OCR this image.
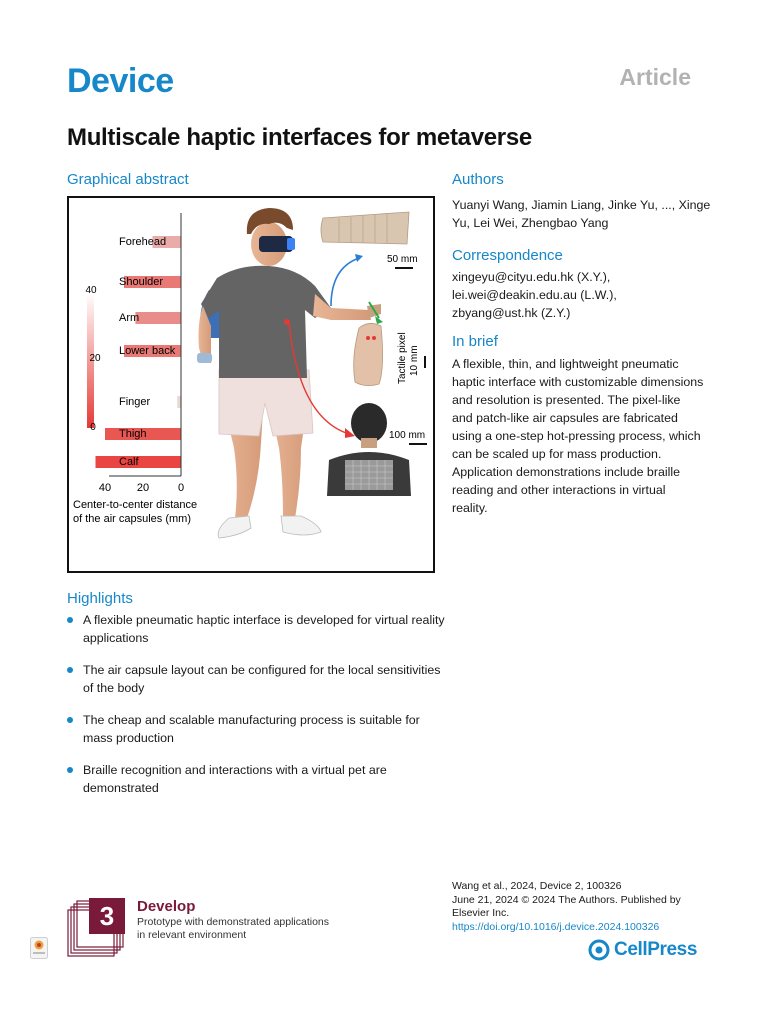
Device	Article
Multiscale haptic interfaces for metaverse
Graphical abstract
40
20
0
Forehead
Shoulder
Arm
Lower back
Finger
Thigh
Calf
40 20	0
Center-to-center distance
of the air capsules (mm)
50 mm
Tactile pixel 10 mm
100 mm
Authors
Yuanyi Wang, Jiamin Liang, Jinke Yu, ..., Xinge Yu, Lei Wei, Zhengbao Yang
Correspondence
xingeyu@cityu.edu.hk (X.Y.),
lei.wei@deakin.edu.au (L.W.),
zbyang@ust.hk (Z.Y.)
In brief
A flexible, thin, and lightweight pneumatic haptic interface with customizable dimensions and resolution is presented. The pixel-like and patch-like air capsules are fabricated using a one-step hot-pressing process, which can be scaled up for mass production. Application demonstrations include braille reading and other interactions in virtual reality.
Highlights
A flexible pneumatic haptic interface is developed for virtual reality applications
The air capsule layout can be configured for the local sensitivities of the body
The cheap and scalable manufacturing process is suitable for mass production
Braille recognition and interactions with a virtual pet are demonstrated
3 Develop
Prototype with demonstrated applications in relevant environment
Wang et al., 2024, Device 2, 100326
June 21, 2024 © 2024 The Authors. Published by Elsevier Inc.
https://doi.org/10.1016/j.device.2024.100326
CellPress
